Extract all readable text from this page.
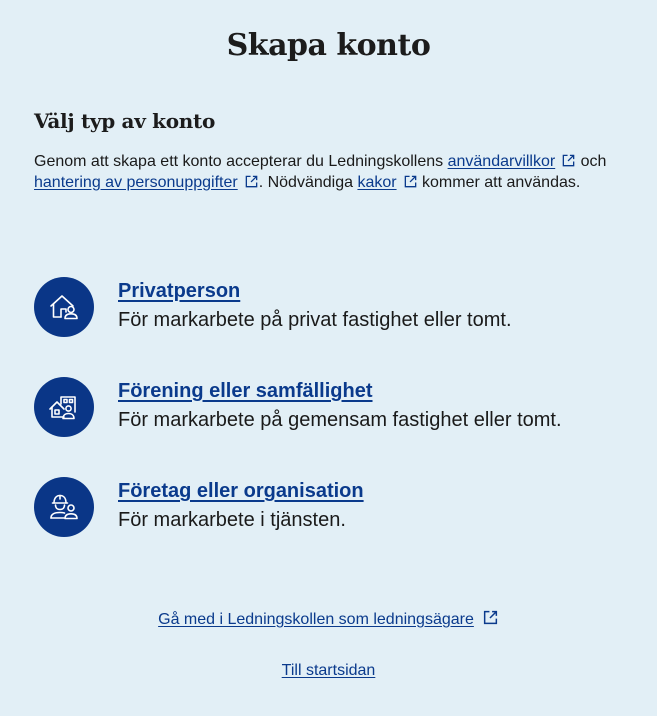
Skapa konto
Välj typ av konto
Genom att skapa ett konto accepterar du Ledningskollens användarvillkor
och hantering av personuppgifter . Nödvändiga kakor
kommer att användas.
Privatperson
För markarbete på privat fastighet eller tomt.
Förening eller samfällighet
För markarbete på gemensam fastighet eller tomt.
Företag eller organisation
För markarbete i tjänsten.
Gå med i Ledningskollen som ledningsägare
Till startsidan
